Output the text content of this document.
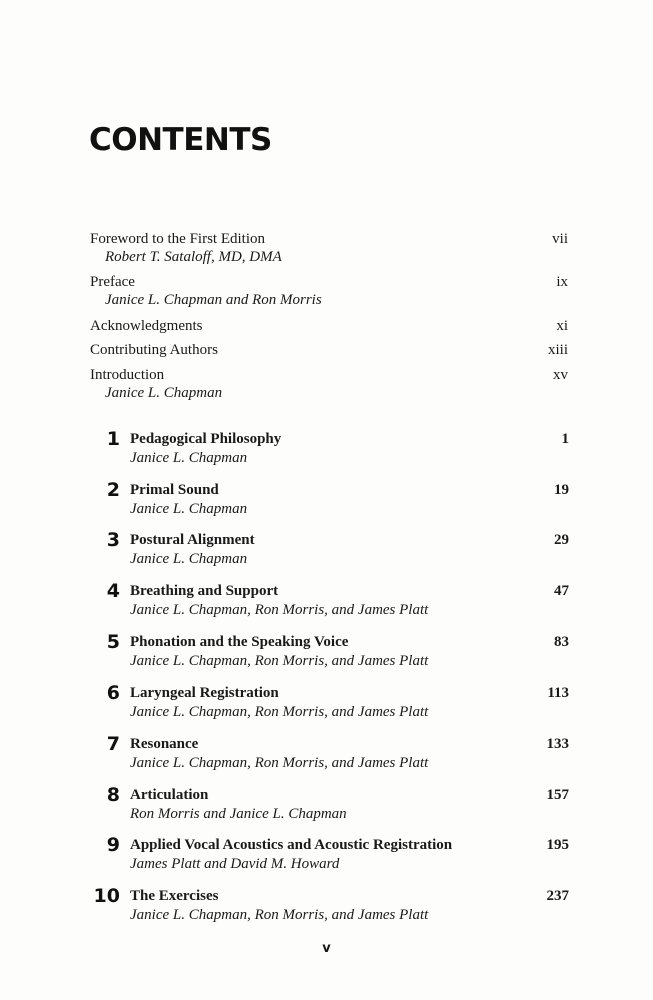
CONTENTS
Foreword to the First Edition	vii
Robert T. Sataloff, MD, DMA
Preface	ix
Janice L. Chapman and Ron Morris
Acknowledgments	xi
Contributing Authors	xiii
Introduction	xv
Janice L. Chapman
1 Pedagogical Philosophy	1
Janice L. Chapman
2 Primal Sound	19
Janice L. Chapman
3 Postural Alignment	29
Janice L. Chapman
4 Breathing and Support	47
Janice L. Chapman, Ron Morris, and James Platt
5 Phonation and the Speaking Voice	83
Janice L. Chapman, Ron Morris, and James Platt
6 Laryngeal Registration	113
Janice L. Chapman, Ron Morris, and James Platt
7 Resonance	133
Janice L. Chapman, Ron Morris, and James Platt
8 Articulation	157
Ron Morris and Janice L. Chapman
9 Applied Vocal Acoustics and Acoustic Registration	195
James Platt and David M. Howard
10 The Exercises	237
Janice L. Chapman, Ron Morris, and James Platt
v
